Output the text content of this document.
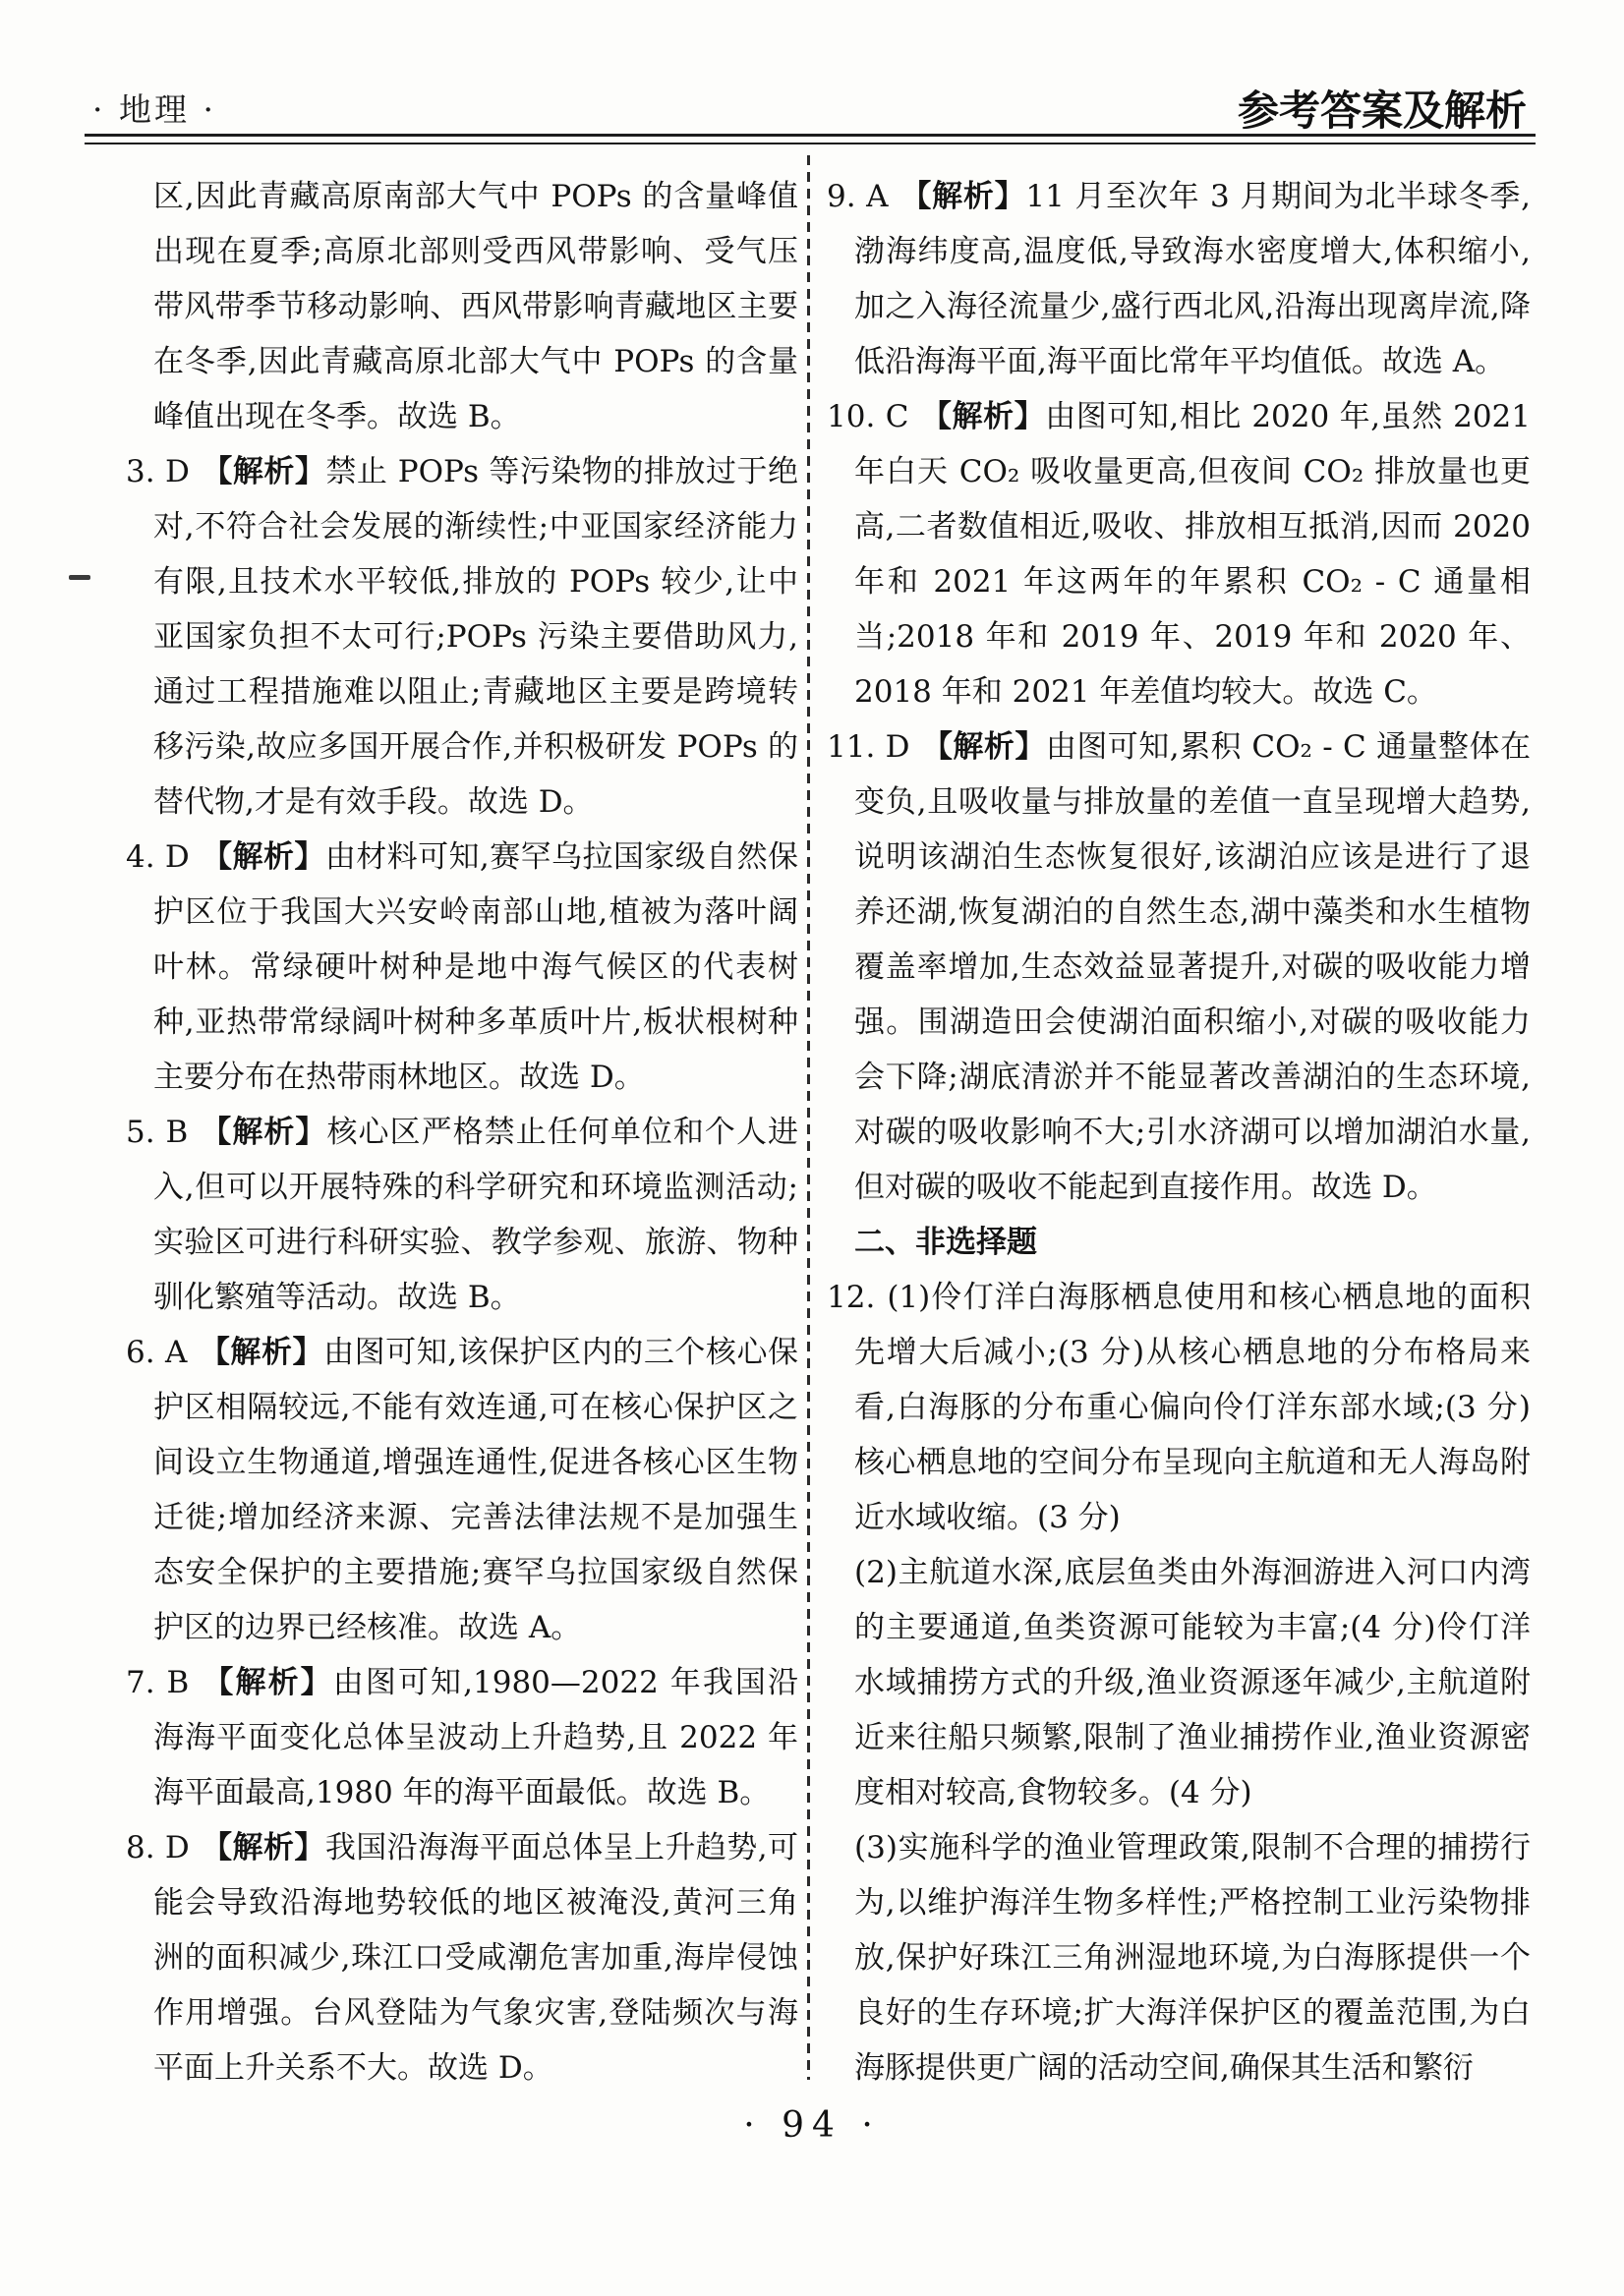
· 地理 ·	参考答案及解析

区,因此青藏高原南部大气中 POPs 的含量峰值出现在夏季;高原北部则受西风带影响、受气压带风带季节移动影响、西风带影响青藏地区主要在冬季,因此青藏高原北部大气中 POPs 的含量峰值出现在冬季。故选 B。

3. D 【解析】禁止 POPs 等污染物的排放过于绝对,不符合社会发展的渐续性;中亚国家经济能力有限,且技术水平较低,排放的 POPs 较少,让中亚国家负担不太可行;POPs 污染主要借助风力,通过工程措施难以阻止;青藏地区主要是跨境转移污染,故应多国开展合作,并积极研发 POPs 的替代物,才是有效手段。故选 D。

4. D 【解析】由材料可知,赛罕乌拉国家级自然保护区位于我国大兴安岭南部山地,植被为落叶阔叶林。常绿硬叶树种是地中海气候区的代表树种,亚热带常绿阔叶树种多革质叶片,板状根树种主要分布在热带雨林地区。故选 D。

5. B 【解析】核心区严格禁止任何单位和个人进入,但可以开展特殊的科学研究和环境监测活动;实验区可进行科研实验、教学参观、旅游、物种驯化繁殖等活动。故选 B。

6. A 【解析】由图可知,该保护区内的三个核心保护区相隔较远,不能有效连通,可在核心保护区之间设立生物通道,增强连通性,促进各核心区生物迁徙;增加经济来源、完善法律法规不是加强生态安全保护的主要措施;赛罕乌拉国家级自然保护区的边界已经核准。故选 A。

7. B 【解析】由图可知,1980—2022 年我国沿海海平面变化总体呈波动上升趋势,且 2022 年海平面最高,1980 年的海平面最低。故选 B。

8. D 【解析】我国沿海海平面总体呈上升趋势,可能会导致沿海地势较低的地区被淹没,黄河三角洲的面积减少,珠江口受咸潮危害加重,海岸侵蚀作用增强。台风登陆为气象灾害,登陆频次与海平面上升关系不大。故选 D。

9. A 【解析】11 月至次年 3 月期间为北半球冬季,渤海纬度高,温度低,导致海水密度增大,体积缩小,加之入海径流量少,盛行西北风,沿海出现离岸流,降低沿海海平面,海平面比常年平均值低。故选 A。

10. C 【解析】由图可知,相比 2020 年,虽然 2021 年白天 CO₂ 吸收量更高,但夜间 CO₂ 排放量也更高,二者数值相近,吸收、排放相互抵消,因而 2020 年和 2021 年这两年的年累积 CO₂ - C 通量相当;2018 年和 2019 年、2019 年和 2020 年、2018 年和 2021 年差值均较大。故选 C。

11. D 【解析】由图可知,累积 CO₂ - C 通量整体在变负,且吸收量与排放量的差值一直呈现增大趋势,说明该湖泊生态恢复很好,该湖泊应该是进行了退养还湖,恢复湖泊的自然生态,湖中藻类和水生植物覆盖率增加,生态效益显著提升,对碳的吸收能力增强。围湖造田会使湖泊面积缩小,对碳的吸收能力会下降;湖底清淤并不能显著改善湖泊的生态环境,对碳的吸收影响不大;引水济湖可以增加湖泊水量,但对碳的吸收不能起到直接作用。故选 D。

二、非选择题

12. (1)伶仃洋白海豚栖息使用和核心栖息地的面积先增大后减小;(3 分)从核心栖息地的分布格局来看,白海豚的分布重心偏向伶仃洋东部水域;(3 分)核心栖息地的空间分布呈现向主航道和无人海岛附近水域收缩。(3 分)

(2)主航道水深,底层鱼类由外海洄游进入河口内湾的主要通道,鱼类资源可能较为丰富;(4 分)伶仃洋水域捕捞方式的升级,渔业资源逐年减少,主航道附近来往船只频繁,限制了渔业捕捞作业,渔业资源密度相对较高,食物较多。(4 分)

(3)实施科学的渔业管理政策,限制不合理的捕捞行为,以维护海洋生物多样性;严格控制工业污染物排放,保护好珠江三角洲湿地环境,为白海豚提供一个良好的生存环境;扩大海洋保护区的覆盖范围,为白海豚提供更广阔的活动空间,确保其生活和繁衍

· 94 ·
